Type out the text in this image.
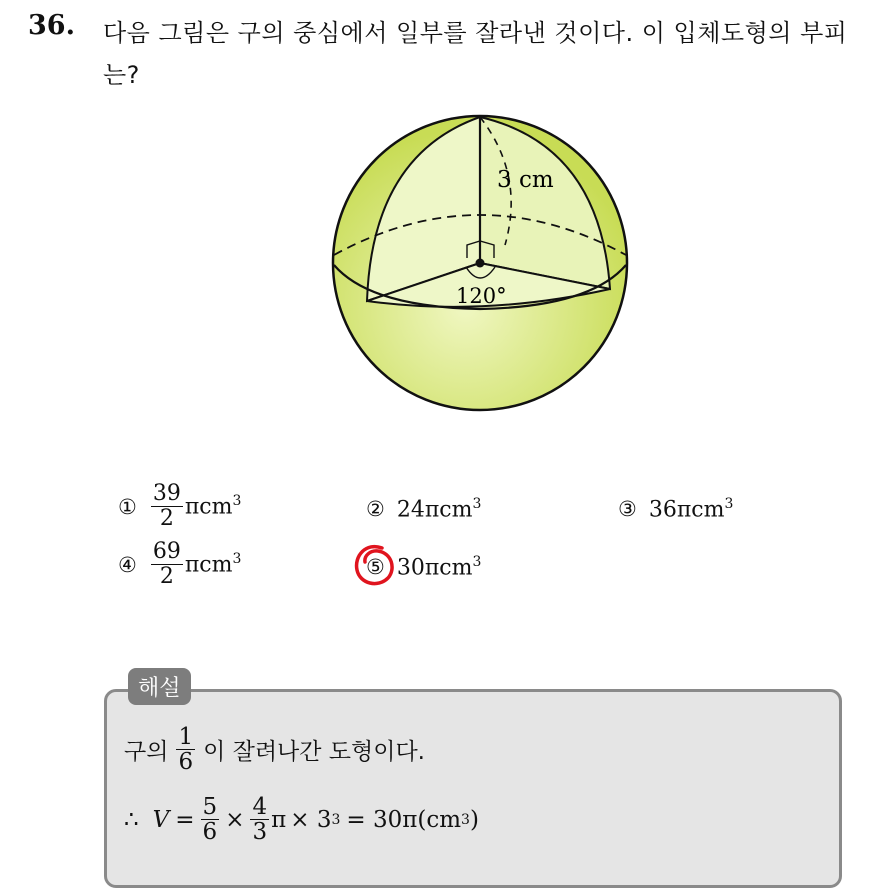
36. 다음 그림은 구의 중심에서 일부를 잘라낸 것이다. 이 입체도형의 부피는?
3 cm
120°
① $\frac{39}{2} \pi cm^3$	② 24πcm$^3$	③ 36πcm$^3$
④ $\frac{69}{2} \pi cm^3$	⑤ 30πcm$^3$
해설
구의 $\frac{1}{6}$ 이 잘려나간 도형이다.
∴ $V = \frac{5}{6} \times \frac{4}{3}$ π × 3 3 = 30π(cm 3 )
